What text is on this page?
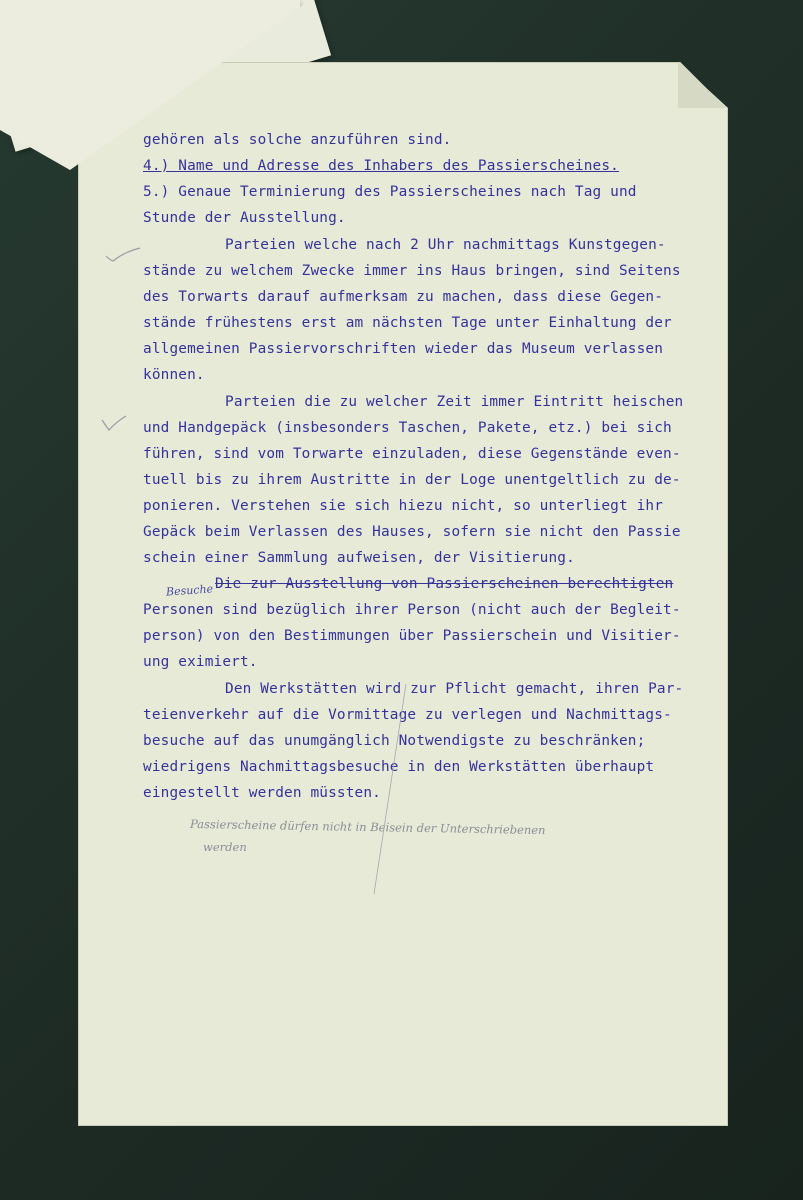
gehören als solche anzuführen sind.
4.) Name und Adresse des Inhabers des Passierscheines.
5.) Genaue Terminierung des Passierscheines nach Tag und
Stunde der Ausstellung.
Parteien welche nach 2 Uhr nachmittags Kunstgegen-
stände zu welchem Zwecke immer ins Haus bringen, sind Seitens
des Torwarts darauf aufmerksam zu machen, dass diese Gegen-
stände frühestens erst am nächsten Tage unter Einhaltung der
allgemeinen Passiervorschriften wieder das Museum verlassen
können.
Parteien die zu welcher Zeit immer Eintritt heischen
und Handgepäck (insbesonders Taschen, Pakete, etz.) bei sich
führen, sind vom Torwarte einzuladen, diese Gegenstände even-
tuell bis zu ihrem Austritte in der Loge unentgeltlich zu de-
ponieren. Verstehen sie sich hiezu nicht, so unterliegt ihr
Gepäck beim Verlassen des Hauses, sofern sie nicht den Passie
schein einer Sammlung aufweisen, der Visitierung.
Die zur Ausstellung von Passierscheinen berechtigten
Personen sind bezüglich ihrer Person (nicht auch der Begleit-
person) von den Bestimmungen über Passierschein und Visitier-
ung eximiert.
Den Werkstätten wird zur Pflicht gemacht, ihren Par-
teienverkehr auf die Vormittage zu verlegen und Nachmittags-
besuche auf das unumgänglich Notwendigste zu beschränken;
wiedrigens Nachmittagsbesuche in den Werkstätten überhaupt
eingestellt werden müssten.
Besuche
Passierscheine dürfen nicht in Beisein der Unterschriebenen
werden
